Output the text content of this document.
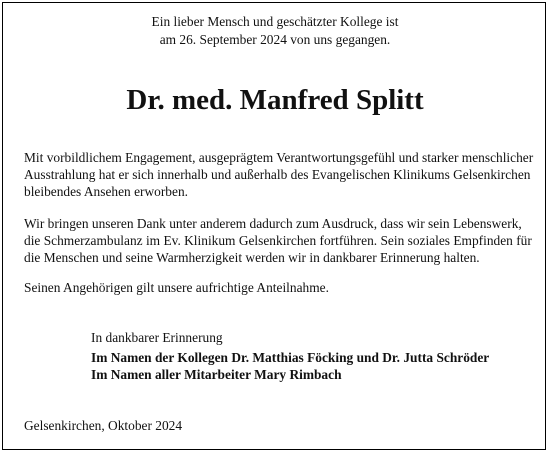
Ein lieber Mensch und geschätzter Kollege ist
am 26. September 2024 von uns gegangen.
Dr. med. Manfred Splitt
Mit vorbildlichem Engagement, ausgeprägtem Verantwortungsgefühl und starker menschlicher
Ausstrahlung hat er sich innerhalb und außerhalb des Evangelischen Klinikums Gelsenkirchen
bleibendes Ansehen erworben.
Wir bringen unseren Dank unter anderem dadurch zum Ausdruck, dass wir sein Lebenswerk,
die Schmerzambulanz im Ev. Klinikum Gelsenkirchen fortführen. Sein soziales Empfinden für
die Menschen und seine Warmherzigkeit werden wir in dankbarer Erinnerung halten.
Seinen Angehörigen gilt unsere aufrichtige Anteilnahme.
In dankbarer Erinnerung
Im Namen der Kollegen Dr. Matthias Föcking und Dr. Jutta Schröder
Im Namen aller Mitarbeiter Mary Rimbach
Gelsenkirchen, Oktober 2024
